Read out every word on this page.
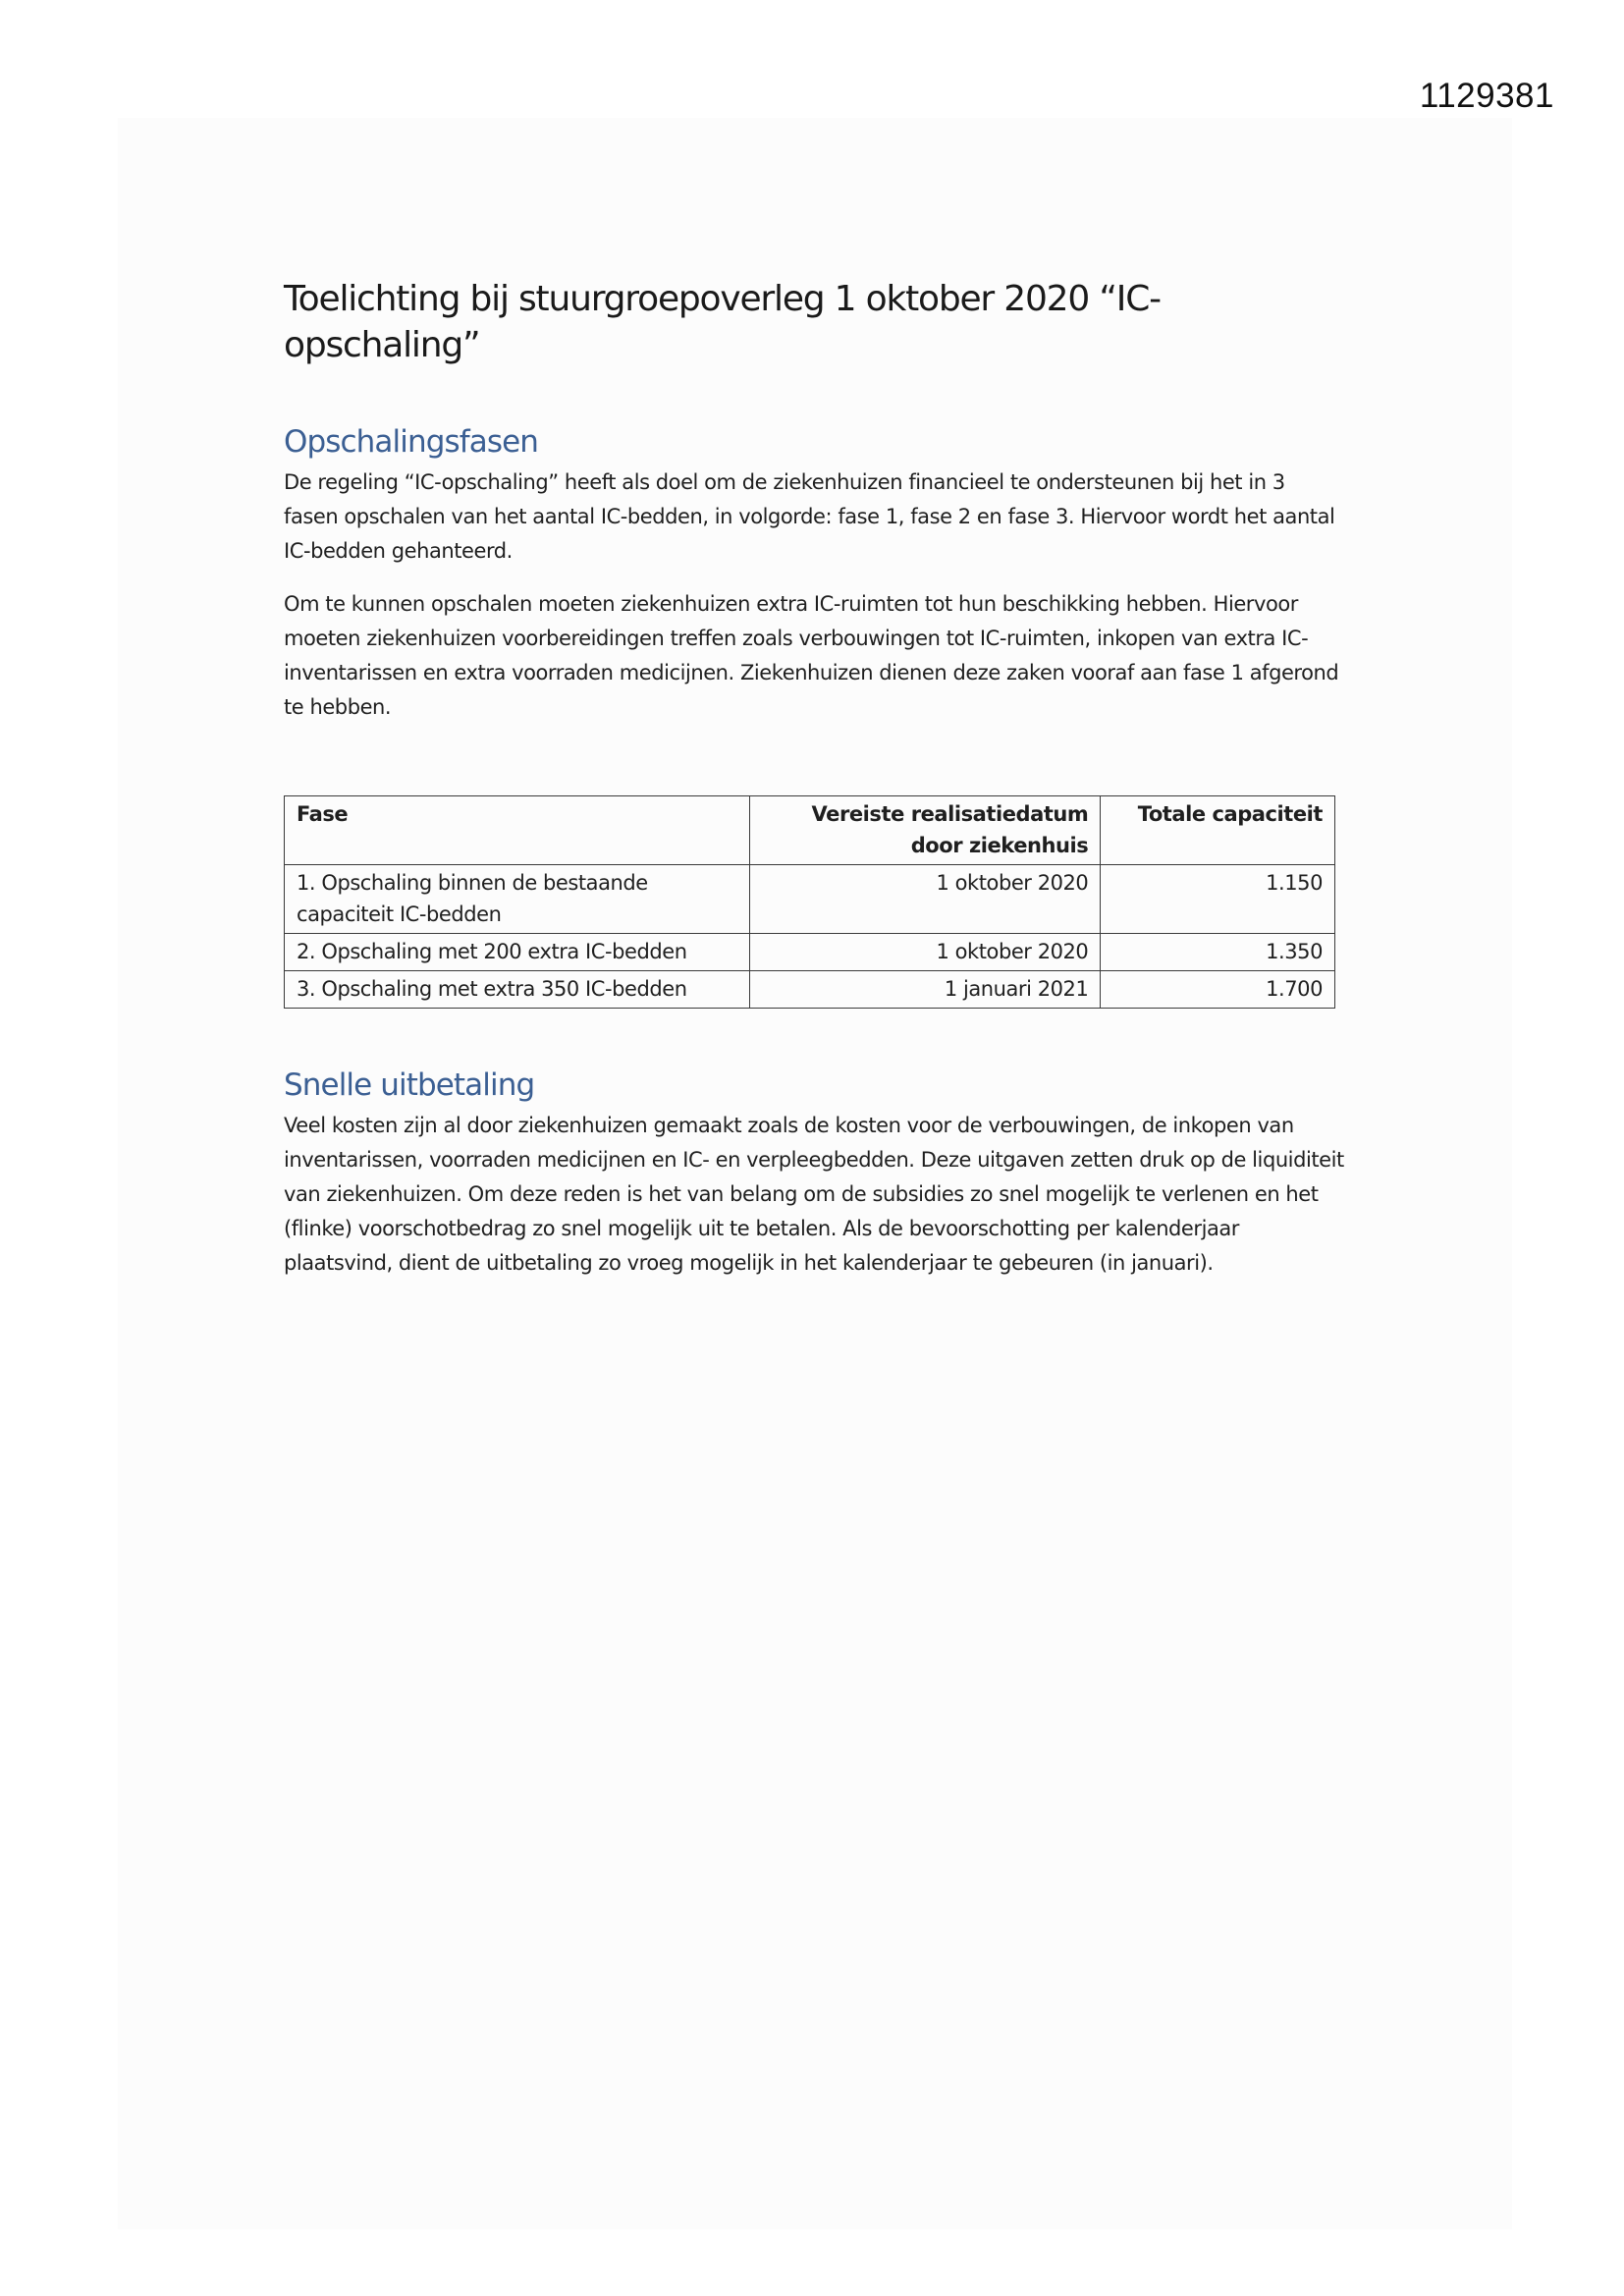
1129381
Toelichting bij stuurgroepoverleg 1 oktober 2020 “IC-opschaling”
Opschalingsfasen

De regeling “IC-opschaling” heeft als doel om de ziekenhuizen financieel te ondersteunen bij het in 3 fasen opschalen van het aantal IC-bedden, in volgorde: fase 1, fase 2 en fase 3. Hiervoor wordt het aantal IC-bedden gehanteerd.

Om te kunnen opschalen moeten ziekenhuizen extra IC-ruimten tot hun beschikking hebben. Hiervoor moeten ziekenhuizen voorbereidingen treffen zoals verbouwingen tot IC-ruimten, inkopen van extra IC-inventarissen en extra voorraden medicijnen. Ziekenhuizen dienen deze zaken vooraf aan fase 1 afgerond te hebben.

Fase	Vereiste realisatiedatum door ziekenhuis	Totale capaciteit
1. Opschaling binnen de bestaande capaciteit IC-bedden	1 oktober 2020	1.150
2. Opschaling met 200 extra IC-bedden	1 oktober 2020	1.350
3. Opschaling met extra 350 IC-bedden	1 januari 2021	1.700
Snelle uitbetaling

Veel kosten zijn al door ziekenhuizen gemaakt zoals de kosten voor de verbouwingen, de inkopen van inventarissen, voorraden medicijnen en IC- en verpleegbedden. Deze uitgaven zetten druk op de liquiditeit van ziekenhuizen. Om deze reden is het van belang om de subsidies zo snel mogelijk te verlenen en het (flinke) voorschotbedrag zo snel mogelijk uit te betalen. Als de bevoorschotting per kalenderjaar plaatsvind, dient de uitbetaling zo vroeg mogelijk in het kalenderjaar te gebeuren (in januari).
